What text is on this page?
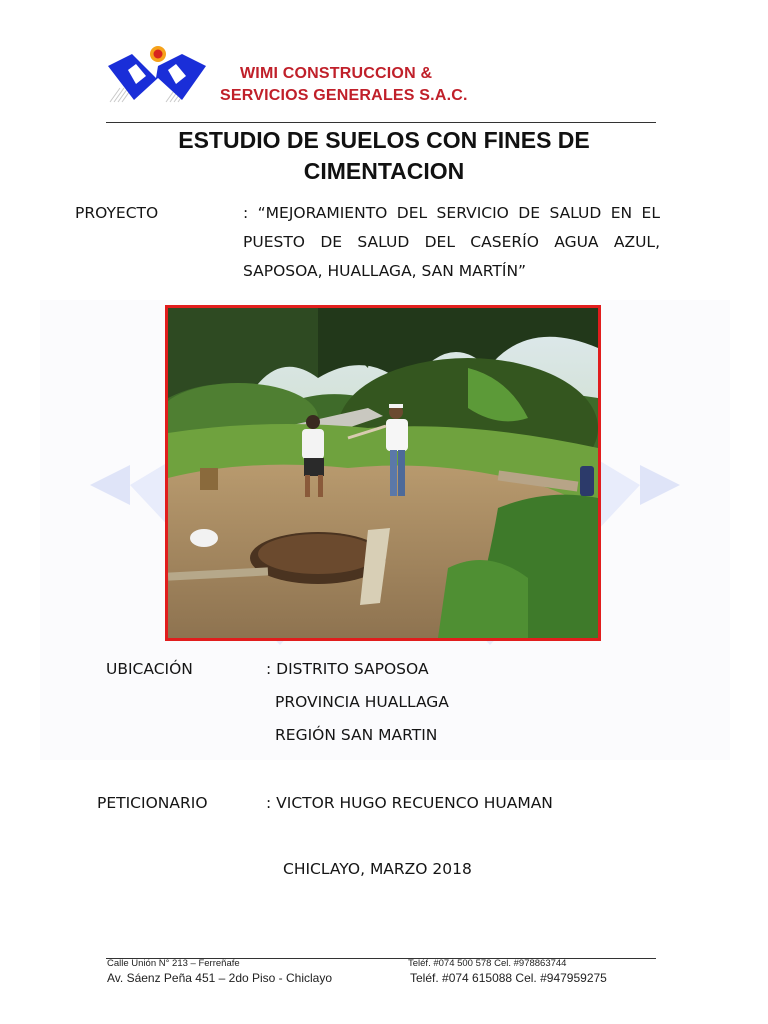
WIMI CONSTRUCCION &
SERVICIOS GENERALES S.A.C.
ESTUDIO DE SUELOS CON FINES DE
CIMENTACION
PROYECTO	: “MEJORAMIENTO DEL SERVICIO DE SALUD EN EL
PUESTO DE SALUD DEL CASERÍO AGUA AZUL,
SAPOSOA, HUALLAGA, SAN MARTÍN”
UBICACIÓN	: DISTRITO SAPOSOA
PROVINCIA HUALLAGA
REGIÓN SAN MARTIN
PETICIONARIO	: VICTOR HUGO RECUENCO HUAMAN
CHICLAYO, MARZO 2018
Calle Unión N° 213 – Ferreñafe	Teléf. #074 500 578 Cel. #978863744
Av. Sáenz Peña 451 – 2do Piso - Chiclayo	Teléf. #074 615088 Cel. #947959275
